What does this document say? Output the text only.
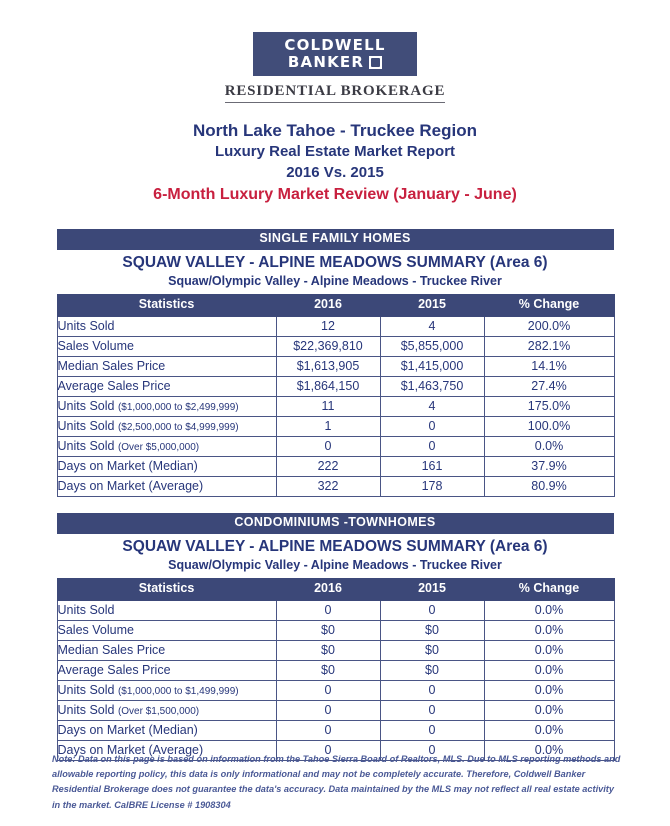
COLDWELL
BANKER
RESIDENTIAL BROKERAGE
North Lake Tahoe - Truckee Region
Luxury Real Estate Market Report
2016 Vs. 2015
6-Month Luxury Market Review (January - June)
SINGLE FAMILY HOMES
SQUAW VALLEY - ALPINE MEADOWS SUMMARY (Area 6)
Squaw/Olympic Valley - Alpine Meadows - Truckee River
Statistics	2016	2015	% Change
Units Sold	12	4	200.0%
Sales Volume	$22,369,810	$5,855,000	282.1%
Median Sales Price	$1,613,905	$1,415,000	14.1%
Average Sales Price	$1,864,150	$1,463,750	27.4%
Units Sold ($1,000,000 to $2,499,999)	11	4	175.0%
Units Sold ($2,500,000 to $4,999,999)	1	0	100.0%
Units Sold (Over $5,000,000)	0	0	0.0%
Days on Market (Median)	222	161	37.9%
Days on Market (Average)	322	178	80.9%
CONDOMINIUMS -TOWNHOMES
SQUAW VALLEY - ALPINE MEADOWS SUMMARY (Area 6)
Squaw/Olympic Valley - Alpine Meadows - Truckee River
Statistics	2016	2015	% Change
Units Sold	0	0	0.0%
Sales Volume	$0	$0	0.0%
Median Sales Price	$0	$0	0.0%
Average Sales Price	$0	$0	0.0%
Units Sold ($1,000,000 to $1,499,999)	0	0	0.0%
Units Sold (Over $1,500,000)	0	0	0.0%
Days on Market (Median)	0	0	0.0%
Days on Market (Average)	0	0	0.0%
Note: Data on this page is based on information from the Tahoe Sierra Board of Realtors, MLS. Due to MLS reporting methods and allowable reporting policy, this data is only informational and may not be completely accurate. Therefore, Coldwell Banker Residential Brokerage does not guarantee the data's accuracy. Data maintained by the MLS may not reflect all real estate activity in the market. CalBRE License # 1908304
